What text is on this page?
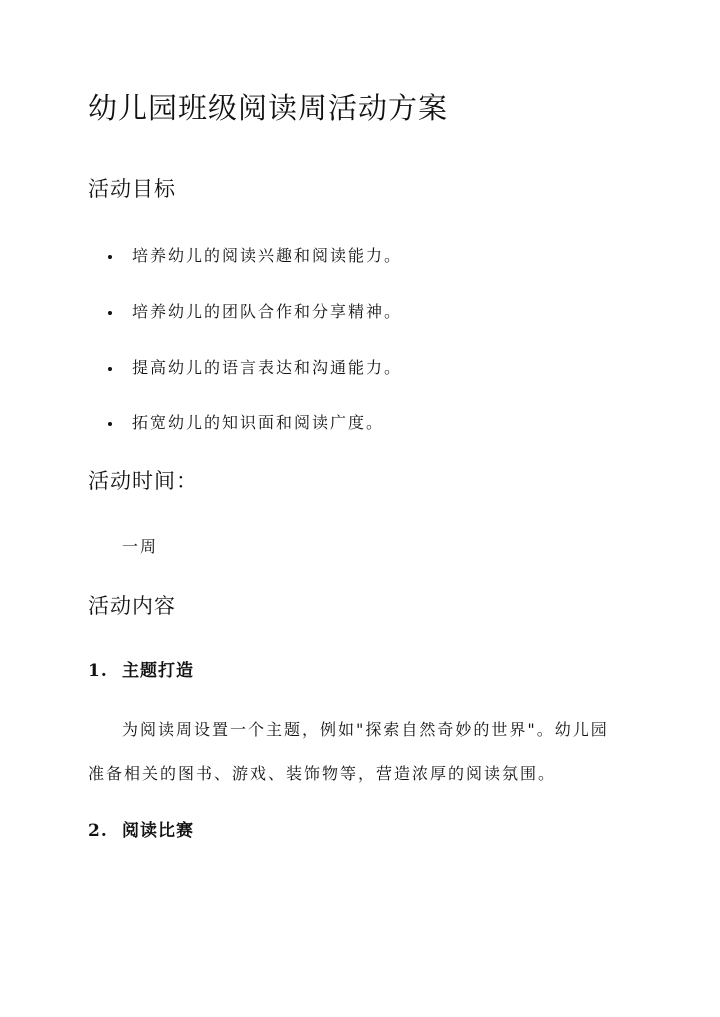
幼儿园班级阅读周活动方案
活动目标
培养幼儿的阅读兴趣和阅读能力。
培养幼儿的团队合作和分享精神。
提高幼儿的语言表达和沟通能力。
拓宽幼儿的知识面和阅读广度。
活动时间：

一周

活动内容
1. 主题打造

为阅读周设置一个主题，例如"探索自然奇妙的世界"。幼儿园

准备相关的图书、游戏、装饰物等，营造浓厚的阅读氛围。

2. 阅读比赛
